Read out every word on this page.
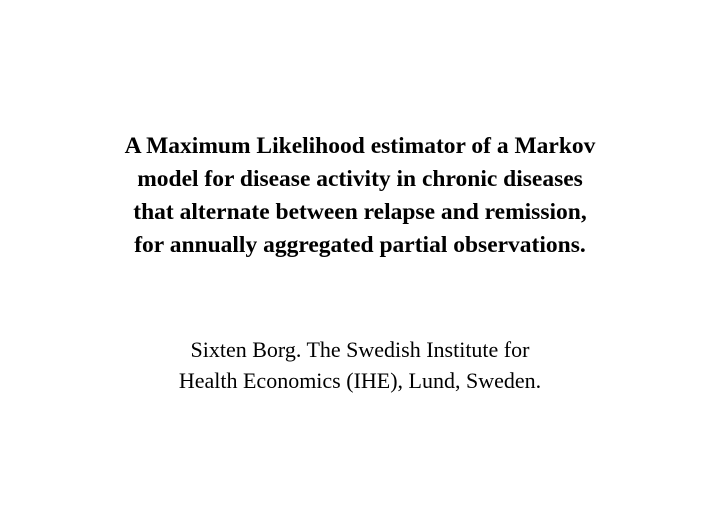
A Maximum Likelihood estimator of a Markov
model for disease activity in chronic diseases
that alternate between relapse and remission,
for annually aggregated partial observations.

Sixten Borg. The Swedish Institute for
Health Economics (IHE), Lund, Sweden.
